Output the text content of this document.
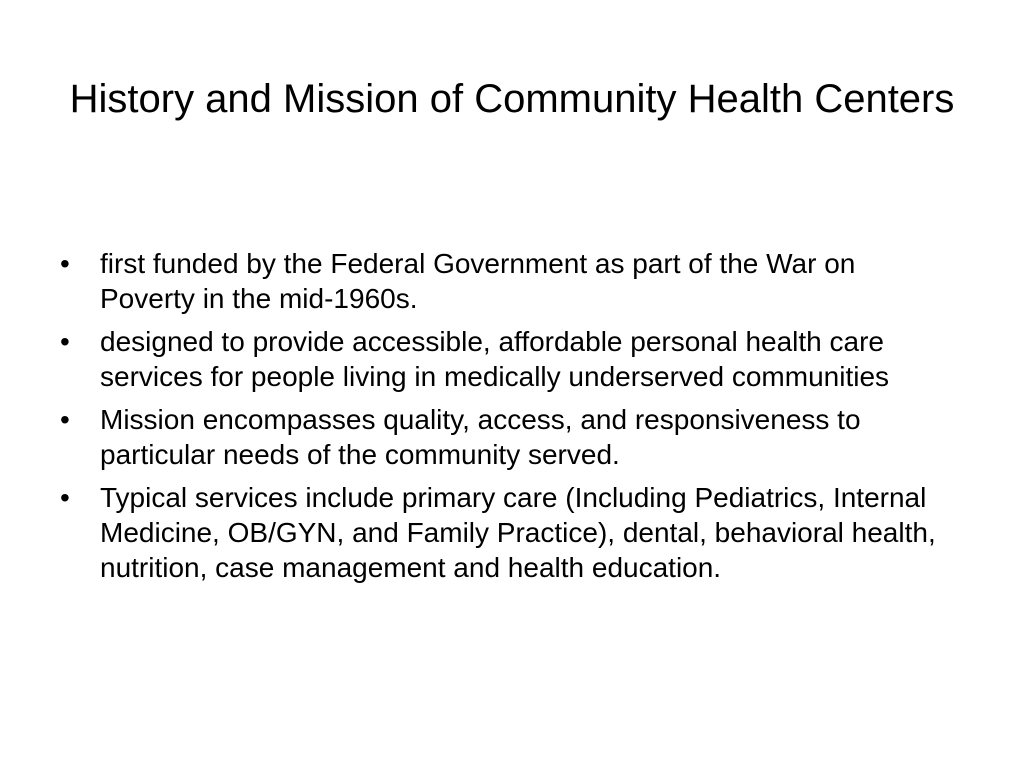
History and Mission of Community Health Centers
• first funded by the Federal Government as part of the War on Poverty in the mid-1960s.
• designed to provide accessible, affordable personal health care services for people living in medically underserved communities
• Mission encompasses quality, access, and responsiveness to particular needs of the community served.
• Typical services include primary care (Including Pediatrics, Internal Medicine, OB/GYN, and Family Practice), dental, behavioral health, nutrition, case management and health education.
